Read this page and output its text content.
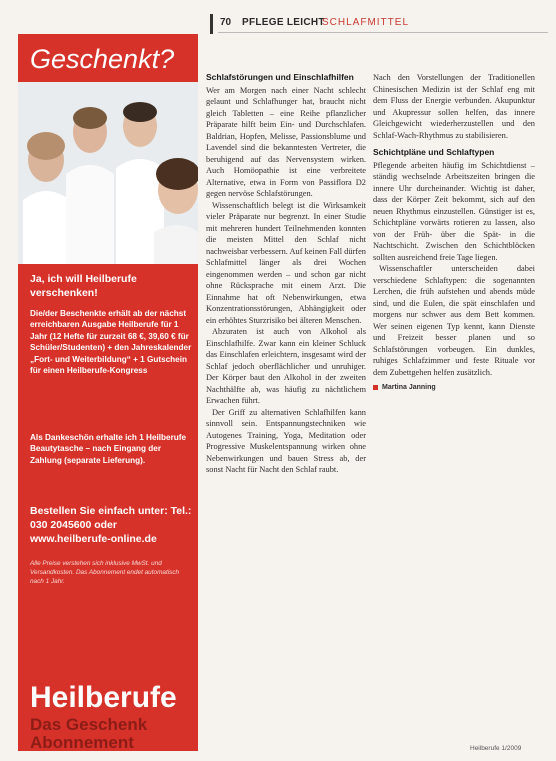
70 PFLEGE LEICHT
SCHLAFMITTEL
Geschenkt?
Ja, ich will Heilberufe verschenken!
Die/der Beschenkte erhält ab der nächst erreichbaren Ausgabe Heilberufe für 1 Jahr (12 Hefte für zurzeit 68 €, 39,60 € für Schüler/Studenten) + den Jahreskalender „Fort- und Weiterbildung“ + 1 Gutschein für einen Heilberufe-Kongress
Als Dankeschön erhalte ich 1 Heilberufe Beautytasche – nach Eingang der Zahlung (separate Lieferung).
Bestellen Sie einfach unter: Tel.: 030 2045600 oder www.heilberufe-online.de
Alle Preise verstehen sich inklusive MwSt. und Versandkosten. Das Abonnement endet automatisch nach 1 Jahr.
Heilberufe
Das Geschenk Abonnement
Schlafstörungen und Einschlafhilfen

Wer am Morgen nach einer Nacht schlecht gelaunt und Schlafhunger hat, braucht nicht gleich Tabletten – eine Reihe pflanzlicher Präparate hilft beim Ein- und Durchschlafen. Baldrian, Hopfen, Melisse, Passionsblume und Lavendel sind die bekanntesten Vertreter, die beruhigend auf das Nervensystem wirken. Auch Homöopathie ist eine verbreitete Alternative, etwa in Form von Passiflora D2 gegen nervöse Schlafstörungen.

Wissenschaftlich belegt ist die Wirksamkeit vieler Präparate nur begrenzt. In einer Studie mit mehreren hundert Teilnehmenden konnten die meisten Mittel den Schlaf nicht nachweisbar verbessern. Auf keinen Fall dürfen Schlafmittel länger als drei Wochen eingenommen werden – und schon gar nicht ohne Rücksprache mit einem Arzt. Die Einnahme hat oft Nebenwirkungen, etwa Konzentrationsstörungen, Abhängigkeit oder ein erhöhtes Sturzrisiko bei älteren Menschen.

Abzuraten ist auch von Alkohol als Einschlafhilfe. Zwar kann ein kleiner Schluck das Einschlafen erleichtern, insgesamt wird der Schlaf jedoch oberflächlicher und unruhiger. Der Körper baut den Alkohol in der zweiten Nachthälfte ab, was häufig zu nächtlichem Erwachen führt.

Der Griff zu alternativen Schlafhilfen kann sinnvoll sein. Entspannungstechniken wie Autogenes Training, Yoga, Meditation oder Progressive Muskelentspannung wirken ohne Nebenwirkungen und bauen Stress ab, der sonst Nacht für Nacht den Schlaf raubt.

Nach den Vorstellungen der Traditionellen Chinesischen Medizin ist der Schlaf eng mit dem Fluss der Energie verbunden. Akupunktur und Akupressur sollen helfen, das innere Gleichgewicht wiederherzustellen und den Schlaf-Wach-Rhythmus zu stabilisieren.

Schichtpläne und Schlaftypen

Pflegende arbeiten häufig im Schichtdienst – ständig wechselnde Arbeitszeiten bringen die innere Uhr durcheinander. Wichtig ist daher, dass der Körper Zeit bekommt, sich auf den neuen Rhythmus einzustellen. Günstiger ist es, Schichtpläne vorwärts rotieren zu lassen, also von der Früh- über die Spät- in die Nachtschicht. Zwischen den Schichtblöcken sollten ausreichend freie Tage liegen.

Wissenschaftler unterscheiden dabei verschiedene Schlaftypen: die sogenannten Lerchen, die früh aufstehen und abends müde sind, und die Eulen, die spät einschlafen und morgens nur schwer aus dem Bett kommen. Wer seinen eigenen Typ kennt, kann Dienste und Freizeit besser planen und so Schlafstörungen vorbeugen. Ein dunkles, ruhiges Schlafzimmer und feste Rituale vor dem Zubettgehen helfen zusätzlich.

Martina Janning
Heilberufe 1/2009
